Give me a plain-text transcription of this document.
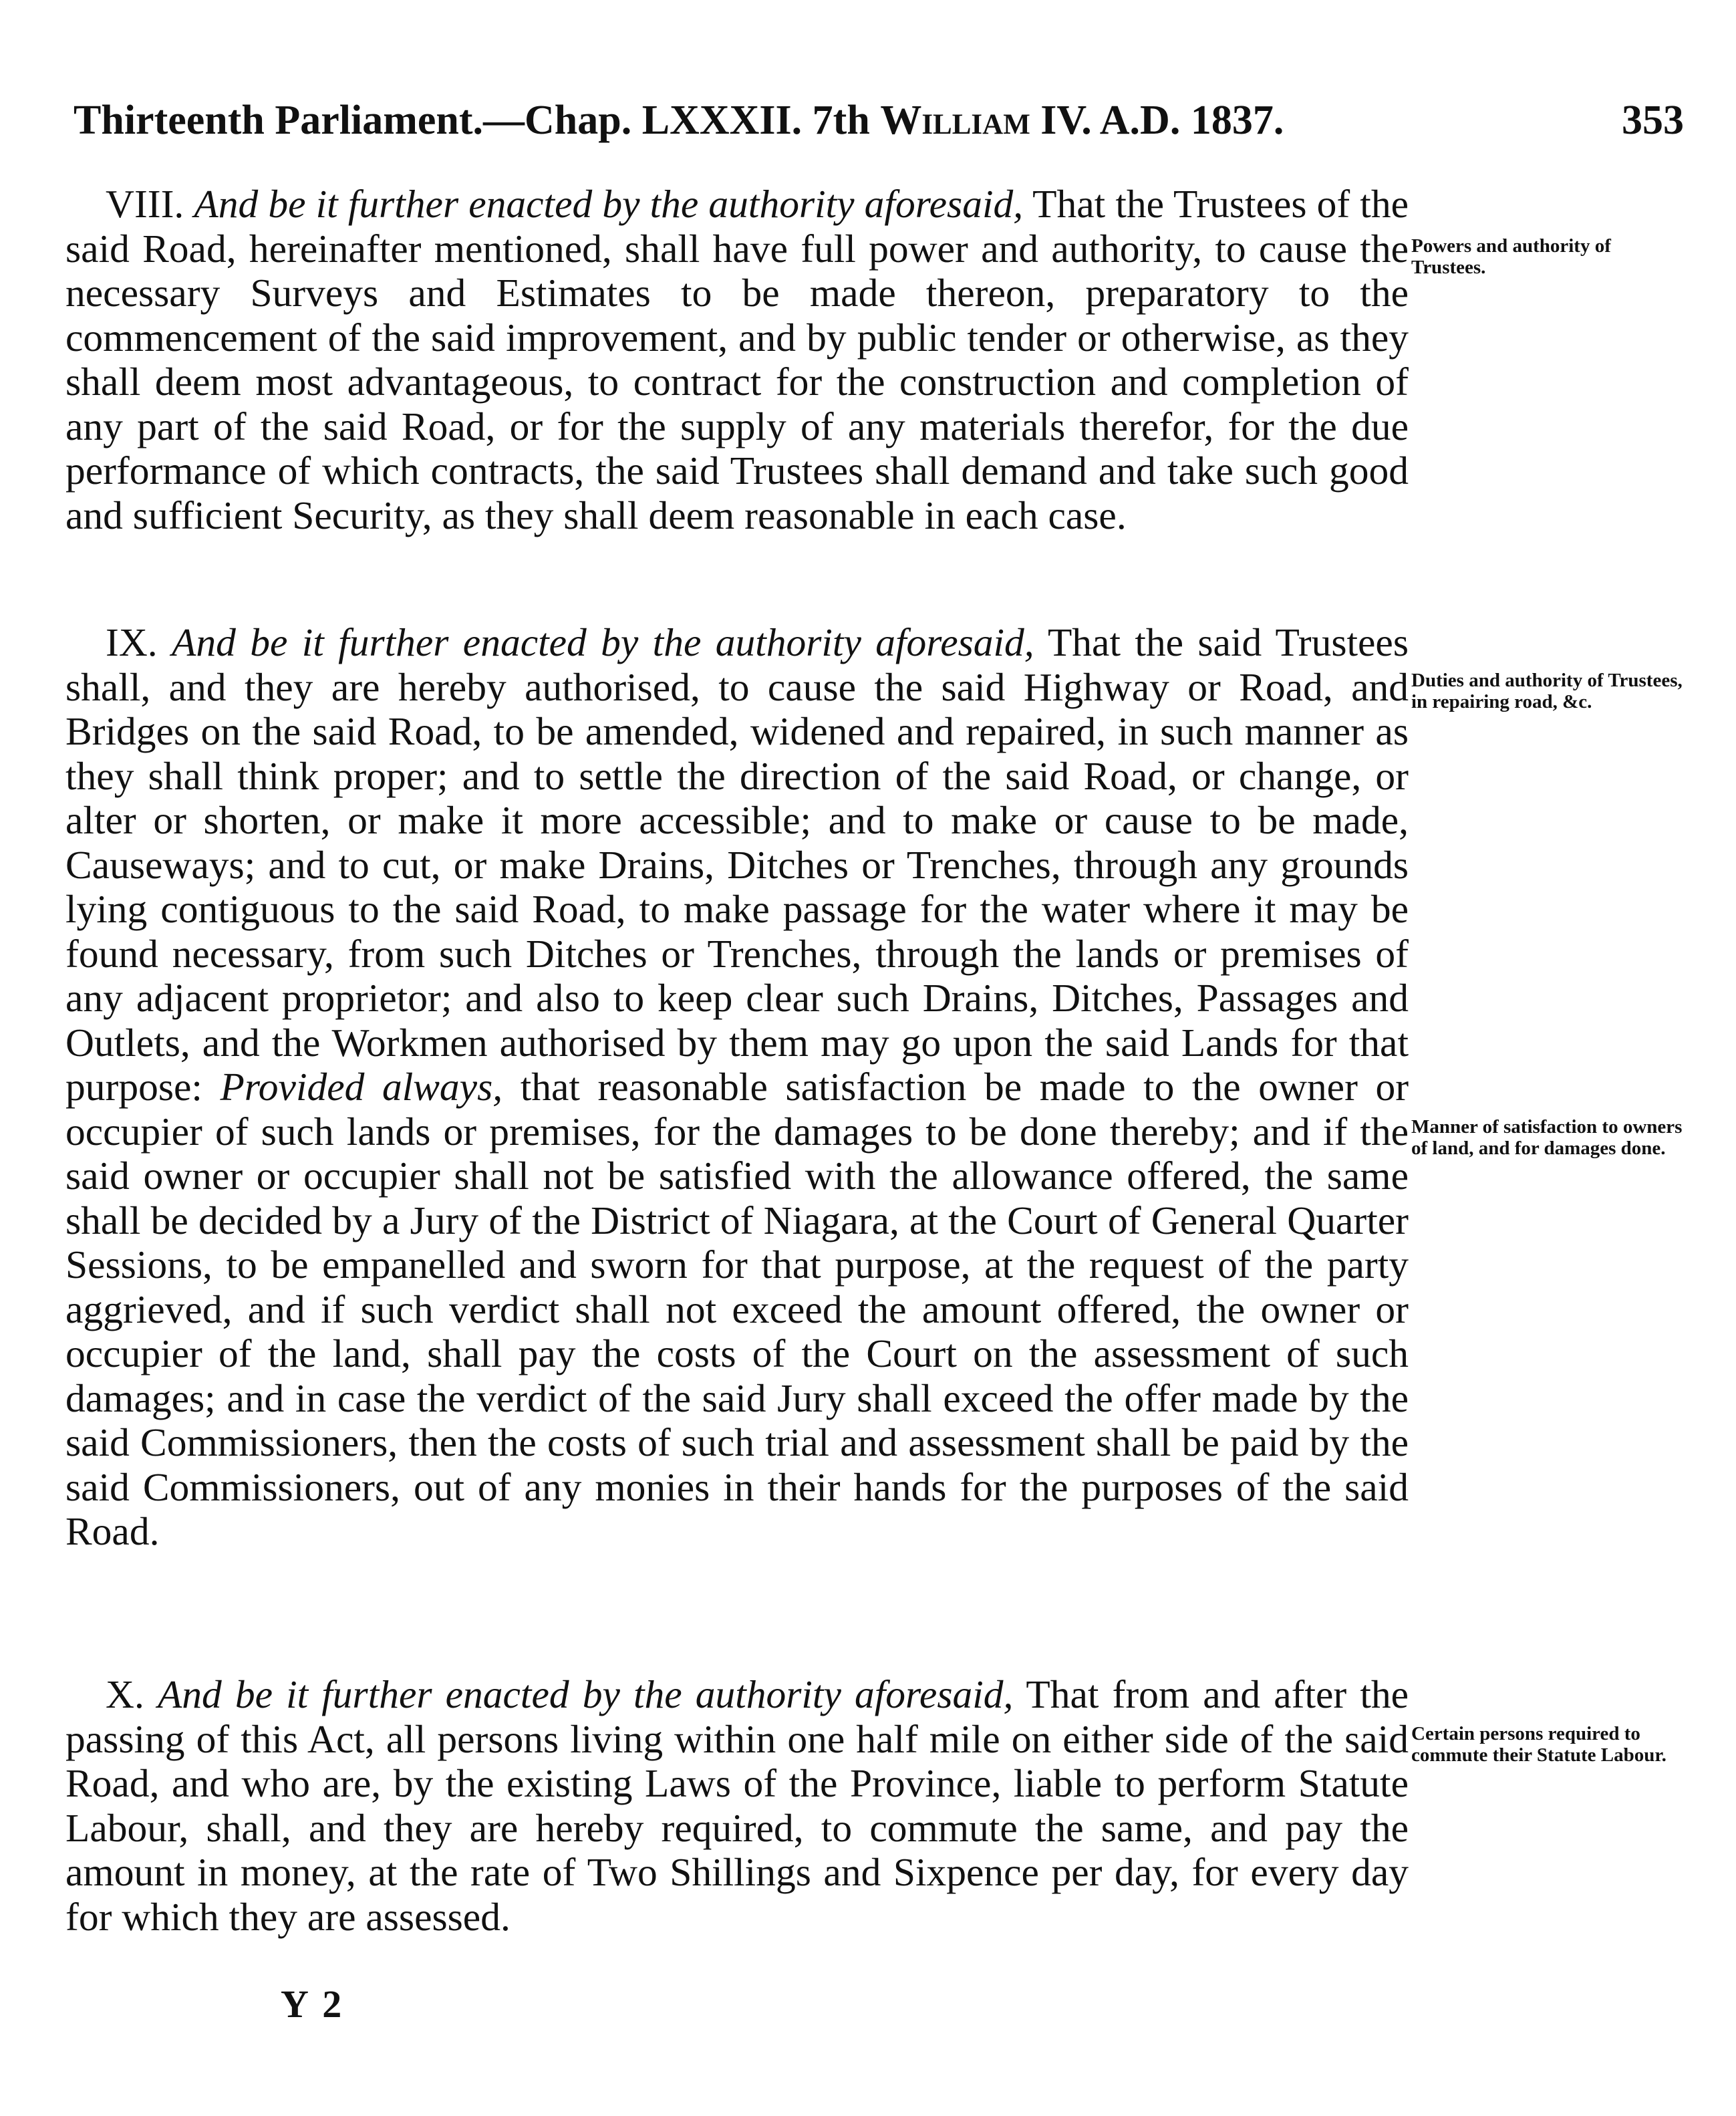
Thirteenth Parliament.—Chap. LXXXII. 7th William IV. A.D. 1837.	353
VIII. And be it further enacted by the authority aforesaid, That the Trustees of the said Road, hereinafter mentioned, shall have full power and authority, to cause the necessary Surveys and Estimates to be made thereon, preparatory to the commencement of the said improvement, and by public tender or otherwise, as they shall deem most advantageous, to contract for the construction and completion of any part of the said Road, or for the supply of any materials therefor, for the due performance of which contracts, the said Trustees shall demand and take such good and sufficient Security, as they shall deem reasonable in each case.
Powers and authority of Trustees.
IX. And be it further enacted by the authority aforesaid, That the said Trustees shall, and they are hereby authorised, to cause the said Highway or Road, and Bridges on the said Road, to be amended, widened and repaired, in such manner as they shall think proper; and to settle the direction of the said Road, or change, or alter or shorten, or make it more accessible; and to make or cause to be made, Causeways; and to cut, or make Drains, Ditches or Trenches, through any grounds lying contiguous to the said Road, to make passage for the water where it may be found necessary, from such Ditches or Trenches, through the lands or premises of any adjacent proprietor; and also to keep clear such Drains, Ditches, Passages and Outlets, and the Workmen authorised by them may go upon the said Lands for that purpose: Provided always, that reasonable satisfaction be made to the owner or occupier of such lands or premises, for the damages to be done thereby; and if the said owner or occupier shall not be satisfied with the allowance offered, the same shall be decided by a Jury of the District of Niagara, at the Court of General Quarter Sessions, to be empanelled and sworn for that purpose, at the request of the party aggrieved, and if such verdict shall not exceed the amount offered, the owner or occupier of the land, shall pay the costs of the Court on the assessment of such damages; and in case the verdict of the said Jury shall exceed the offer made by the said Commissioners, then the costs of such trial and assessment shall be paid by the said Commissioners, out of any monies in their hands for the purposes of the said Road.
Duties and authority of Trustees, in repairing road, &c.
Manner of satisfaction to owners of land, and for damages done.
X. And be it further enacted by the authority aforesaid, That from and after the passing of this Act, all persons living within one half mile on either side of the said Road, and who are, by the existing Laws of the Province, liable to perform Statute Labour, shall, and they are hereby required, to commute the same, and pay the amount in money, at the rate of Two Shillings and Sixpence per day, for every day for which they are assessed.
Certain persons required to commute their Statute Labour.
Y 2
